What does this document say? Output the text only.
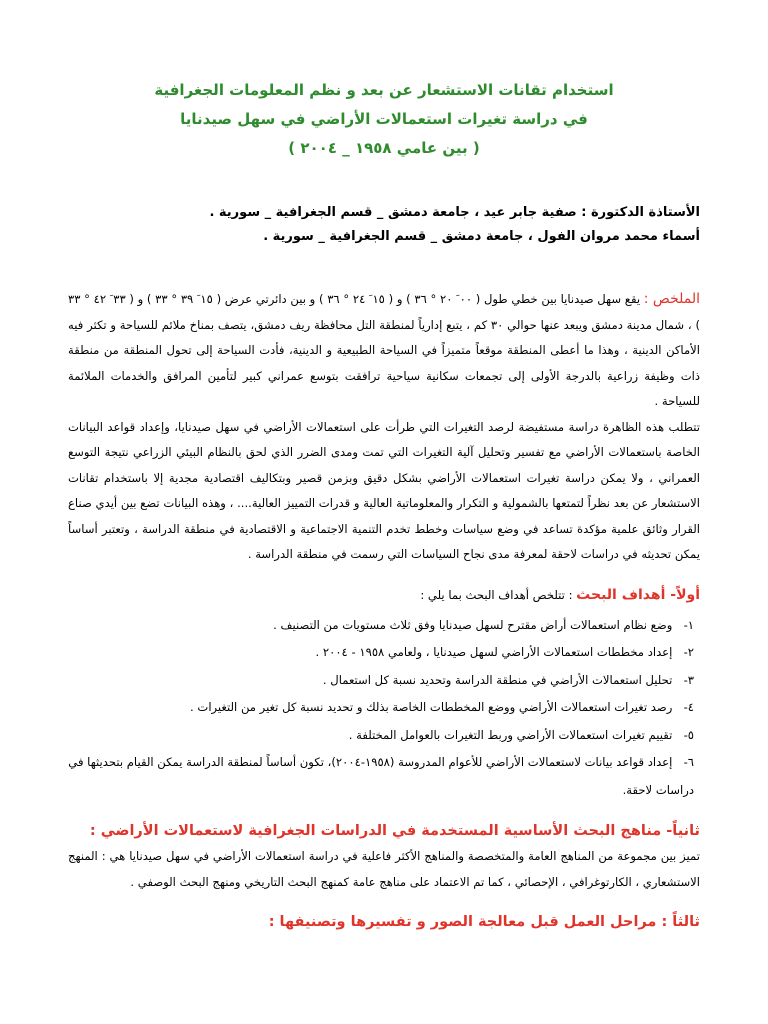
استخدام تقانات الاستشعار عن بعد و نظم المعلومات الجغرافية

في دراسة تغيرات استعمالات الأراضي في سهل صيدنايا

( بين عامي ١٩٥٨ _ ٢٠٠٤ )

الأستاذة الدكتورة : صفية جابر عيد ، جامعة دمشق _ قسم الجغرافية _ سورية .

أسماء محمد مروان الفول ، جامعة دمشق _ قسم الجغرافية _ سورية .

الملخص : يقع سهل صيدنايا بين خطي طول ( ٠٠ َ ٢٠ ° ٣٦ ) و ( ١٥ َ ٢٤ ° ٣٦ ) و بين دائرتي عرض ( ١٥ َ ٣٩ ° ٣٣ ) و ( ٣٣ َ ٤٢ ° ٣٣ ) ، شمال مدينة دمشق ويبعد عنها حوالي ٣٠ كم ، يتبع إدارياً لمنطقة التل محافظة ريف دمشق، يتصف بمناخ ملائم للسياحة و تكثر فيه الأماكن الدينية ، وهذا ما أعطى المنطقة موقعاً متميزاً في السياحة الطبيعية و الدينية، فأدت السياحة إلى تحول المنطقة من منطقة ذات وظيفة زراعية بالدرجة الأولى إلى تجمعات سكانية سياحية ترافقت بتوسع عمراني كبير لتأمين المرافق والخدمات الملائمة للسياحة .

تتطلب هذه الظاهرة دراسة مستفيضة لرصد التغيرات التي طرأت على استعمالات الأراضي في سهل صيدنايا، وإعداد قواعد البيانات الخاصة باستعمالات الأراضي مع تفسير وتحليل آلية التغيرات التي تمت ومدى الضرر الذي لحق بالنظام البيئي الزراعي نتيجة التوسع العمراني ، ولا يمكن دراسة تغيرات استعمالات الأراضي بشكل دقيق وبزمن قصير وبتكاليف اقتصادية مجدية إلا باستخدام تقانات الاستشعار عن بعد نظراً لتمتعها بالشمولية و التكرار والمعلوماتية العالية و قدرات التمييز العالية.... ، وهذه البيانات تضع بين أيدي صناع القرار وثائق علمية مؤكدة تساعد في وضع سياسات وخطط تخدم التنمية الاجتماعية و الاقتصادية في منطقة الدراسة ، وتعتبر أساساً يمكن تحديثه في دراسات لاحقة لمعرفة مدى نجاح السياسات التي رسمت في منطقة الدراسة .

أولاً- أهداف البحث : تتلخص أهداف البحث بما يلي :
١- وضع نظام استعمالات أراض مقترح لسهل صيدنايا وفق ثلاث مستويات من التصنيف .
٢- إعداد مخططات استعمالات الأراضي لسهل صيدنايا ، ولعامي ١٩٥٨ - ٢٠٠٤ .
٣- تحليل استعمالات الأراضي في منطقة الدراسة وتحديد نسبة كل استعمال .
٤- رصد تغيرات استعمالات الأراضي ووضع المخططات الخاصة بذلك و تحديد نسبة كل تغير من التغيرات .
٥- تقييم تغيرات استعمالات الأراضي وربط التغيرات بالعوامل المختلفة .
٦- إعداد قواعد بيانات لاستعمالات الأراضي للأعوام المدروسة (١٩٥٨-٢٠٠٤)، تكون أساساً لمنطقة الدراسة يمكن القيام بتحديثها في دراسات لاحقة.
ثانياً- مناهج البحث الأساسية المستخدمة في الدراسات الجغرافية لاستعمالات الأراضي :

تميز بين مجموعة من المناهج العامة والمتخصصة والمناهج الأكثر فاعلية في دراسة استعمالات الأراضي في سهل صيدنايا هي : المنهج الاستشعاري ، الكارتوغرافي ، الإحصائي ، كما تم الاعتماد على مناهج عامة كمنهج البحث التاريخي ومنهج البحث الوصفي .

ثالثاً : مراحل العمل قبل معالجة الصور و تفسيرها وتصنيفها :
